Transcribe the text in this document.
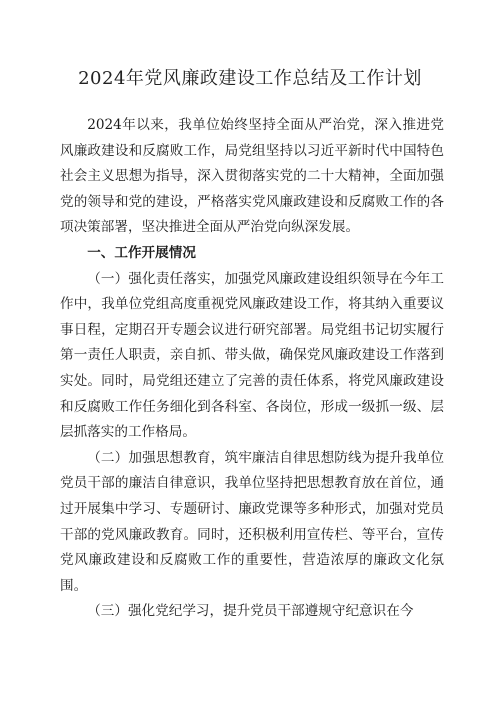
2024年党风廉政建设工作总结及工作计划

2024年以来，我单位始终坚持全面从严治党，深入推进党风廉政建设和反腐败工作，局党组坚持以习近平新时代中国特色社会主义思想为指导，深入贯彻落实党的二十大精神，全面加强党的领导和党的建设，严格落实党风廉政建设和反腐败工作的各项决策部署，坚决推进全面从严治党向纵深发展。

一、工作开展情况

（一）强化责任落实，加强党风廉政建设组织领导在今年工作中，我单位党组高度重视党风廉政建设工作，将其纳入重要议事日程，定期召开专题会议进行研究部署。局党组书记切实履行第一责任人职责，亲自抓、带头做，确保党风廉政建设工作落到实处。同时，局党组还建立了完善的责任体系，将党风廉政建设和反腐败工作任务细化到各科室、各岗位，形成一级抓一级、层层抓落实的工作格局。

（二）加强思想教育，筑牢廉洁自律思想防线为提升我单位党员干部的廉洁自律意识，我单位坚持把思想教育放在首位，通过开展集中学习、专题研讨、廉政党课等多种形式，加强对党员干部的党风廉政教育。同时，还积极利用宣传栏、等平台，宣传党风廉政建设和反腐败工作的重要性，营造浓厚的廉政文化氛围。

（三）强化党纪学习，提升党员干部遵规守纪意识在今
